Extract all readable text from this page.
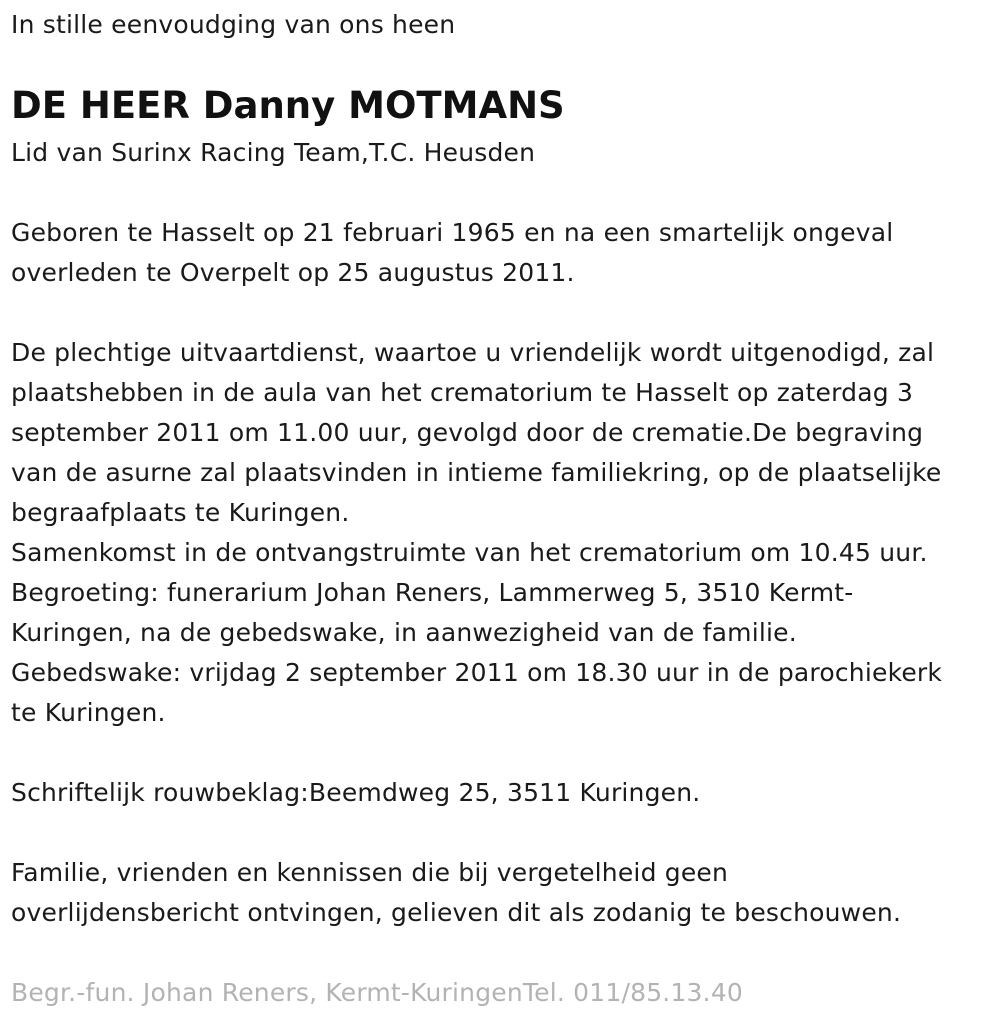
In stille eenvoudging van ons heen
DE HEER Danny MOTMANS
Lid van Surinx Racing Team,T.C. Heusden
Geboren te Hasselt op 21 februari 1965 en na een smartelijk ongeval
overleden te Overpelt op 25 augustus 2011.
De plechtige uitvaartdienst, waartoe u vriendelijk wordt uitgenodigd, zal
plaatshebben in de aula van het crematorium te Hasselt op zaterdag 3
september 2011 om 11.00 uur, gevolgd door de crematie.De begraving
van de asurne zal plaatsvinden in intieme familiekring, op de plaatselijke
begraafplaats te Kuringen.
Samenkomst in de ontvangstruimte van het crematorium om 10.45 uur.
Begroeting: funerarium Johan Reners, Lammerweg 5, 3510 Kermt-
Kuringen, na de gebedswake, in aanwezigheid van de familie.
Gebedswake: vrijdag 2 september 2011 om 18.30 uur in de parochiekerk
te Kuringen.
Schriftelijk rouwbeklag:Beemdweg 25, 3511 Kuringen.
Familie, vrienden en kennissen die bij vergetelheid geen
overlijdensbericht ontvingen, gelieven dit als zodanig te beschouwen.
Begr.-fun. Johan Reners, Kermt-KuringenTel. 011/85.13.40
